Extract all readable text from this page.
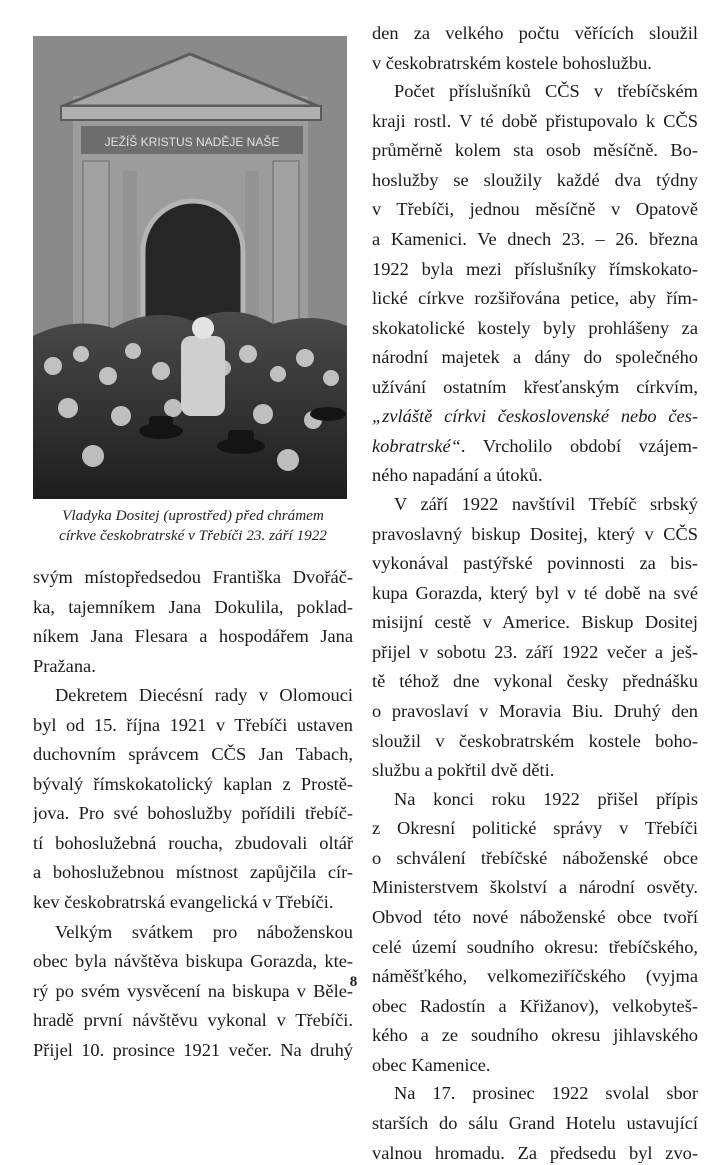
JEŽÍŠ KRISTUS NADĚJE NAŠE
Vladyka Dositej (uprostřed) před chrámem
církve českobratrské v Třebíči 23. září 1922
svým místopředsedou Františka Dvořáč-
ka, tajemníkem Jana Dokulila, poklad-
níkem Jana Flesara a hospodářem Jana
Pražana.
Dekretem Diecésní rady v Olomouci
byl od 15. října 1921 v Třebíči ustaven
duchovním správcem CČS Jan Tabach,
bývalý římskokatolický kaplan z Prostě-
jova. Pro své bohoslužby pořídili třebíč-
tí bohoslužebná roucha, zbudovali oltář
a bohoslužebnou místnost zapůjčila cír-
kev českobratrská evangelická v Třebíči.
Velkým svátkem pro náboženskou
obec byla návštěva biskupa Gorazda, kte-
rý po svém vysvěcení na biskupa v Běle-
hradě první návštěvu vykonal v Třebíči.
Přijel 10. prosince 1921 večer. Na druhý
den za velkého počtu věřících sloužil
v českobratrském kostele bohoslužbu.
Počet příslušníků CČS v třebíčském
kraji rostl. V té době přistupovalo k CČS
průměrně kolem sta osob měsíčně. Bo-
hoslužby se sloužily každé dva týdny
v Třebíči, jednou měsíčně v Opatově
a Kamenici. Ve dnech 23. – 26. března
1922 byla mezi příslušníky římskokato-
lické církve rozšiřována petice, aby řím-
skokatolické kostely byly prohlášeny za
národní majetek a dány do společného
užívání ostatním křesťanským církvím,
„zvláště církvi československé nebo čes-
kobratrské“. Vrcholilo období vzájem-
ného napadání a útoků.
V září 1922 navštívil Třebíč srbský
pravoslavný biskup Dositej, který v CČS
vykonával pastýřské povinnosti za bis-
kupa Gorazda, který byl v té době na své
misijní cestě v Americe. Biskup Dositej
přijel v sobotu 23. září 1922 večer a ješ-
tě téhož dne vykonal česky přednášku
o pravoslaví v Moravia Biu. Druhý den
sloužil v českobratrském kostele boho-
službu a pokřtil dvě děti.
Na konci roku 1922 přišel přípis
z Okresní politické správy v Třebíči
o schválení třebíčské náboženské obce
Ministerstvem školství a národní osvěty.
Obvod této nové náboženské obce tvoří
celé území soudního okresu: třebíčského,
náměšťkého, velkomeziříčského (vyjma
obec Radostín a Křižanov), velkobyteš-
kého a ze soudního okresu jihlavského
obec Kamenice.
Na 17. prosinec 1922 svolal sbor
starších do sálu Grand Hotelu ustavující
valnou hromadu. Za předsedu byl zvo-
8
